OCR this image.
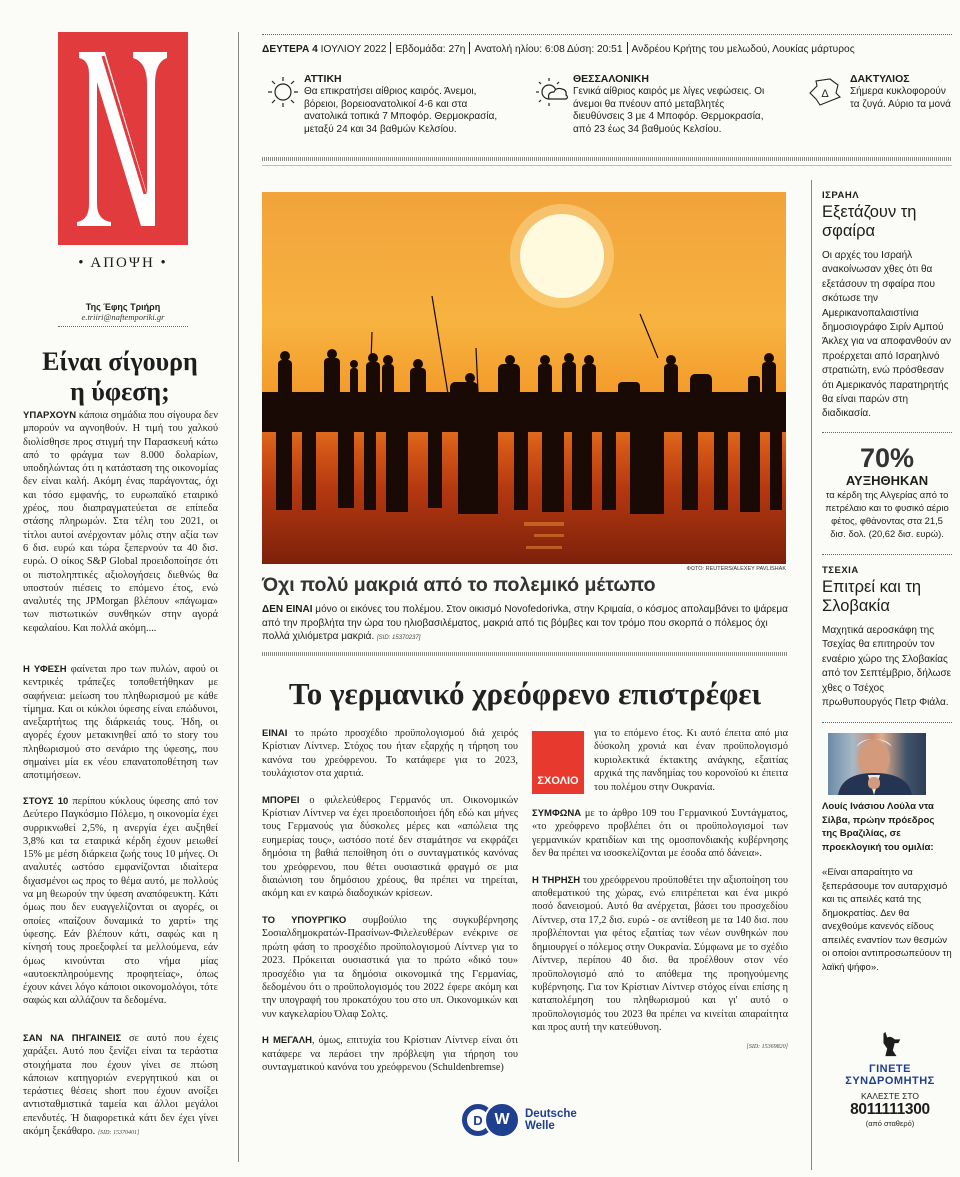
• ΑΠΟΨΗ •
Της Έφης Τριήρη
e.triiri@naftemporiki.gr
Είναι σίγουρη
η ύφεση;

ΥΠΑΡΧΟΥΝ κάποια σημάδια που σίγουρα δεν μπορούν να αγνοηθούν. Η τιμή του χαλκού διολίσθησε προς στιγμή την Παρασκευή κάτω από το φράγμα των 8.000 δολαρίων, υποδηλώντας ότι η κατάσταση της οικονομίας δεν είναι καλή. Ακόμη ένας παράγοντας, όχι και τόσο εμφανής, το ευρωπαϊκό εταιρικό χρέος, που διαπραγματεύεται σε επίπεδα στάσης πληρωμών. Στα τέλη του 2021, οι τίτλοι αυτοί ανέρχονταν μόλις στην αξία των 6 δισ. ευρώ και τώρα ξεπερνούν τα 40 δισ. ευρώ. Ο οίκος S&P Global προειδοποίησε ότι οι πιστοληπτικές αξιολογήσεις διεθνώς θα υποστούν πιέσεις το επόμενο έτος, ενώ αναλυτές της JPMorgan βλέπουν «πάγωμα» των πιστωτικών συνθηκών στην αγορά κεφαλαίου. Και πολλά ακόμη....

Η ΥΦΕΣΗ φαίνεται προ των πυλών, αφού οι κεντρικές τράπεζες τοποθετήθηκαν με σαφήνεια: μείωση του πληθωρισμού με κάθε τίμημα. Και οι κύκλοι ύφεσης είναι επώδυνοι, ανεξαρτήτως της διάρκειάς τους. Ήδη, οι αγορές έχουν μετακινηθεί από το story του πληθωρισμού στο σενάριο της ύφεσης, που σημαίνει μία εκ νέου επανατοποθέτηση των αποτιμήσεων.

ΣΤΟΥΣ 10 περίπου κύκλους ύφεσης από τον Δεύτερο Παγκόσμιο Πόλεμο, η οικονομία έχει συρρικνωθεί 2,5%, η ανεργία έχει αυξηθεί 3,8% και τα εταιρικά κέρδη έχουν μειωθεί 15% με μέση διάρκεια ζωής τους 10 μήνες. Οι αναλυτές ωστόσο εμφανίζονται ιδιαίτερα διχασμένοι ως προς το θέμα αυτό, με πολλούς να μη θεωρούν την ύφεση αναπόφευκτη. Κάτι όμως που δεν ευαγγελίζονται οι αγορές, οι οποίες «παίζουν δυναμικά το χαρτί» της ύφεσης. Εάν βλέπουν κάτι, σαφώς και η κίνησή τους προεξοφλεί τα μελλούμενα, εάν όμως κινούνται στο νήμα μίας «αυτοεκπληρούμενης προφητείας», όπως έχουν κάνει λόγο κάποιοι οικονομολόγοι, τότε σαφώς και αλλάζουν τα δεδομένα.

ΣΑΝ ΝΑ ΠΗΓΑΙΝΕΙΣ σε αυτό που έχεις χαράξει. Αυτό που ξενίζει είναι τα τεράστια στοιχήματα που έχουν γίνει σε πτώση κάποιων κατηγοριών ενεργητικού και οι τεράστιες θέσεις short που έχουν ανοίξει αντισταθμιστικά ταμεία και άλλοι μεγάλοι επενδυτές. Ή διαφορετικά κάτι δεν έχει γίνει ακόμη ξεκάθαρο. [SID: 15370401]

ΔΕΥΤΕΡΑ 4 ΙΟΥΛΙΟΥ 2022 Εβδομάδα: 27η Ανατολή ηλίου: 6:08 Δύση: 20:51 Ανδρέου Κρήτης του μελωδού, Λουκίας μάρτυρος
ΑΤΤΙΚΗ
Θα επικρατήσει αίθριος καιρός. Άνεμοι, βόρειοι, βορειοανατολικοί 4-6 και στα ανατολικά τοπικά 7 Μποφόρ. Θερμοκρασία, μεταξύ 24 και 34 βαθμών Κελσίου.
ΘΕΣΣΑΛΟΝΙΚΗ
Γενικά αίθριος καιρός με λίγες νεφώσεις. Οι άνεμοι θα πνέουν από μεταβλητές διευθύνσεις 3 με 4 Μποφόρ. Θερμοκρασία, από 23 έως 34 βαθμούς Κελσίου.
Δ
ΔΑΚΤΥΛΙΟΣ
Σήμερα κυκλοφορούν τα ζυγά. Αύριο τα μονά
ΦΩΤΟ: REUTERS/ALEXEY PAVLISHAK
Όχι πολύ μακριά από το πολεμικό μέτωπο

ΔΕΝ ΕΙΝΑΙ μόνο οι εικόνες του πολέμου. Στον οικισμό Novofedorivka, στην Κριμαία, ο κόσμος απολαμβάνει το ψάρεμα από την προβλήτα την ώρα του ηλιοβασιλέματος, μακριά από τις βόμβες και τον τρόμο που σκορπά ο πόλεμος όχι πολλά χιλιόμετρα μακριά. [SID: 15370237]

Το γερμανικό χρεόφρενο επιστρέφει

ΕΙΝΑΙ το πρώτο προσχέδιο προϋπολογισμού διά χειρός Κρίστιαν Λίντνερ. Στόχος του ήταν εξαρχής η τήρηση του κανόνα του χρεόφρενου. Το κατάφερε για το 2023, τουλάχιστον στα χαρτιά.

ΜΠΟΡΕΙ ο φιλελεύθερος Γερμανός υπ. Οικονομικών Κρίστιαν Λίντνερ να έχει προειδοποιήσει ήδη εδώ και μήνες τους Γερμανούς για δύσκολες μέρες και «απώλεια της ευημερίας τους», ωστόσο ποτέ δεν σταμάτησε να εκφράζει δημόσια τη βαθιά πεποίθηση ότι ο συνταγματικός κανόνας του χρεόφρενου, που θέτει ουσιαστικά φραγμό σε μια διαιώνιση του δημόσιου χρέους, θα πρέπει να τηρείται, ακόμη και εν καιρώ διαδοχικών κρίσεων.

ΤΟ ΥΠΟΥΡΓΙΚΟ συμβούλιο της συγκυβέρνησης Σοσιαλδημοκρατών-Πρασίνων-Φιλελευθέρων ενέκρινε σε πρώτη φάση το προσχέδιο προϋπολογισμού Λίντνερ για το 2023. Πρόκειται ουσιαστικά για το πρώτο «δικό του» προσχέδιο για τα δημόσια οικονομικά της Γερμανίας, δεδομένου ότι ο προϋπολογισμός του 2022 έφερε ακόμη και την υπογραφή του προκατόχου του στο υπ. Οικονομικών και νυν καγκελαρίου Όλαφ Σολτς.

Η ΜΕΓΑΛΗ, όμως, επιτυχία του Κρίστιαν Λίντνερ είναι ότι κατάφερε να περάσει την πρόβλεψη για τήρηση του συνταγματικού κανόνα του χρεόφρενου (Schuldenbremse)

ΣΧΟΛΙΟ

για το επόμενο έτος. Κι αυτό έπειτα από μια δύσκολη χρονιά και έναν προϋπολογισμό κυριολεκτικά έκτακτης ανάγκης, εξαιτίας αρχικά της πανδημίας του κορονοϊού κι έπειτα του πολέμου στην Ουκρανία.

ΣΥΜΦΩΝΑ με το άρθρο 109 του Γερμανικού Συντάγματος, «το χρεόφρενο προβλέπει ότι οι προϋπολογισμοί των γερμανικών κρατιδίων και της ομοσπονδιακής κυβέρνησης δεν θα πρέπει να ισοσκελίζονται με έσοδα από δάνεια».

Η ΤΗΡΗΣΗ του χρεόφρενου προϋποθέτει την αξιοποίηση του αποθεματικού της χώρας, ενώ επιτρέπεται και ένα μικρό ποσό δανεισμού. Αυτό θα ανέρχεται, βάσει του προσχεδίου Λίντνερ, στα 17,2 δισ. ευρώ - σε αντίθεση με τα 140 δισ. που προβλέπονται για φέτος εξαιτίας των νέων συνθηκών που δημιουργεί ο πόλεμος στην Ουκρανία. Σύμφωνα με το σχέδιο Λίντνερ, περίπου 40 δισ. θα προέλθουν στον νέο προϋπολογισμό από το απόθεμα της προηγούμενης κυβέρνησης. Για τον Κρίστιαν Λίντνερ στόχος είναι επίσης η καταπολέμηση του πληθωρισμού και γι' αυτό ο προϋπολογισμός του 2023 θα πρέπει να κινείται απαραίτητα και προς αυτή την κατεύθυνση.

[SID: 15369820]
D W	Deutsche
Welle
ΙΣΡΑΗΛ
Εξετάζουν τη σφαίρα
Οι αρχές του Ισραήλ ανακοίνωσαν χθες ότι θα εξετάσουν τη σφαίρα που σκότωσε την Αμερικανοπαλαιστίνια δημοσιογράφο Σιρίν Αμπού Άκλεχ για να αποφανθούν αν προέρχεται από Ισραηλινό στρατιώτη, ενώ πρόσθεσαν ότι Αμερικανός παρατηρητής θα είναι παρών στη διαδικασία.
70%
ΑΥΞΗΘΗΚΑΝ
τα κέρδη της Αλγερίας από το πετρέλαιο και το φυσικό αέριο φέτος, φθάνοντας στα 21,5 δισ. δολ. (20,62 δισ. ευρώ).
ΤΣΕΧΙΑ
Επιτρεί και τη Σλοβακία
Μαχητικά αεροσκάφη της Τσεχίας θα επιτηρούν τον εναέριο χώρο της Σλοβακίας από τον Σεπτέμβριο, δήλωσε χθες ο Τσέχος πρωθυπουργός Πετρ Φιάλα.
Λουίς Ινάσιου Λούλα ντα Σίλβα, πρώην πρόεδρος της Βραζιλίας, σε προεκλογική του ομιλία:
«Είναι απαραίτητο να ξεπεράσουμε τον αυταρχισμό και τις απειλές κατά της δημοκρατίας. Δεν θα ανεχθούμε κανενός είδους απειλές εναντίον των θεσμών οι οποίοι αντιπροσωπεύουν τη λαϊκή ψήφο».
ΓΙΝΕΤΕ
ΣΥΝΔΡΟΜΗΤΗΣ
ΚΑΛΕΣΤΕ ΣΤΟ
8011111300
(από σταθερό)
